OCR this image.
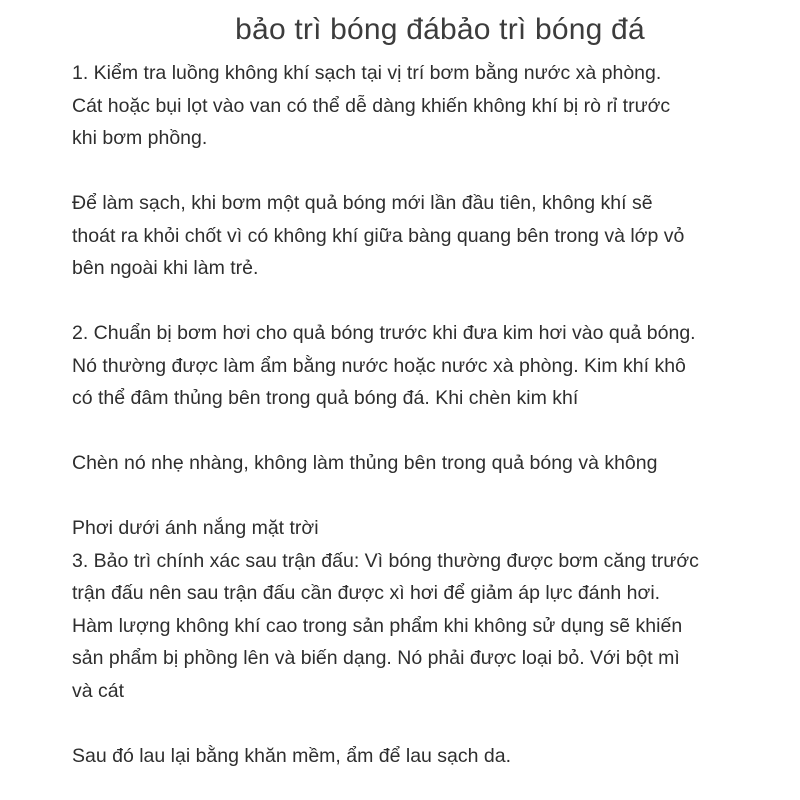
bảo trì bóng đábảo trì bóng đá
1. Kiểm tra luồng không khí sạch tại vị trí bơm bằng nước xà phòng.
Cát hoặc bụi lọt vào van có thể dễ dàng khiến không khí bị rò rỉ trước
khi bơm phồng.
Để làm sạch, khi bơm một quả bóng mới lần đầu tiên, không khí sẽ
thoát ra khỏi chốt vì có không khí giữa bàng quang bên trong và lớp vỏ
bên ngoài khi làm trẻ.
2. Chuẩn bị bơm hơi cho quả bóng trước khi đưa kim hơi vào quả bóng.
Nó thường được làm ẩm bằng nước hoặc nước xà phòng. Kim khí khô
có thể đâm thủng bên trong quả bóng đá. Khi chèn kim khí
Chèn nó nhẹ nhàng, không làm thủng bên trong quả bóng và không
Phơi dưới ánh nắng mặt trời
3. Bảo trì chính xác sau trận đấu: Vì bóng thường được bơm căng trước
trận đấu nên sau trận đấu cần được xì hơi để giảm áp lực đánh hơi.
Hàm lượng không khí cao trong sản phẩm khi không sử dụng sẽ khiến
sản phẩm bị phồng lên và biến dạng. Nó phải được loại bỏ. Với bột mì
và cát
Sau đó lau lại bằng khăn mềm, ẩm để lau sạch da.
